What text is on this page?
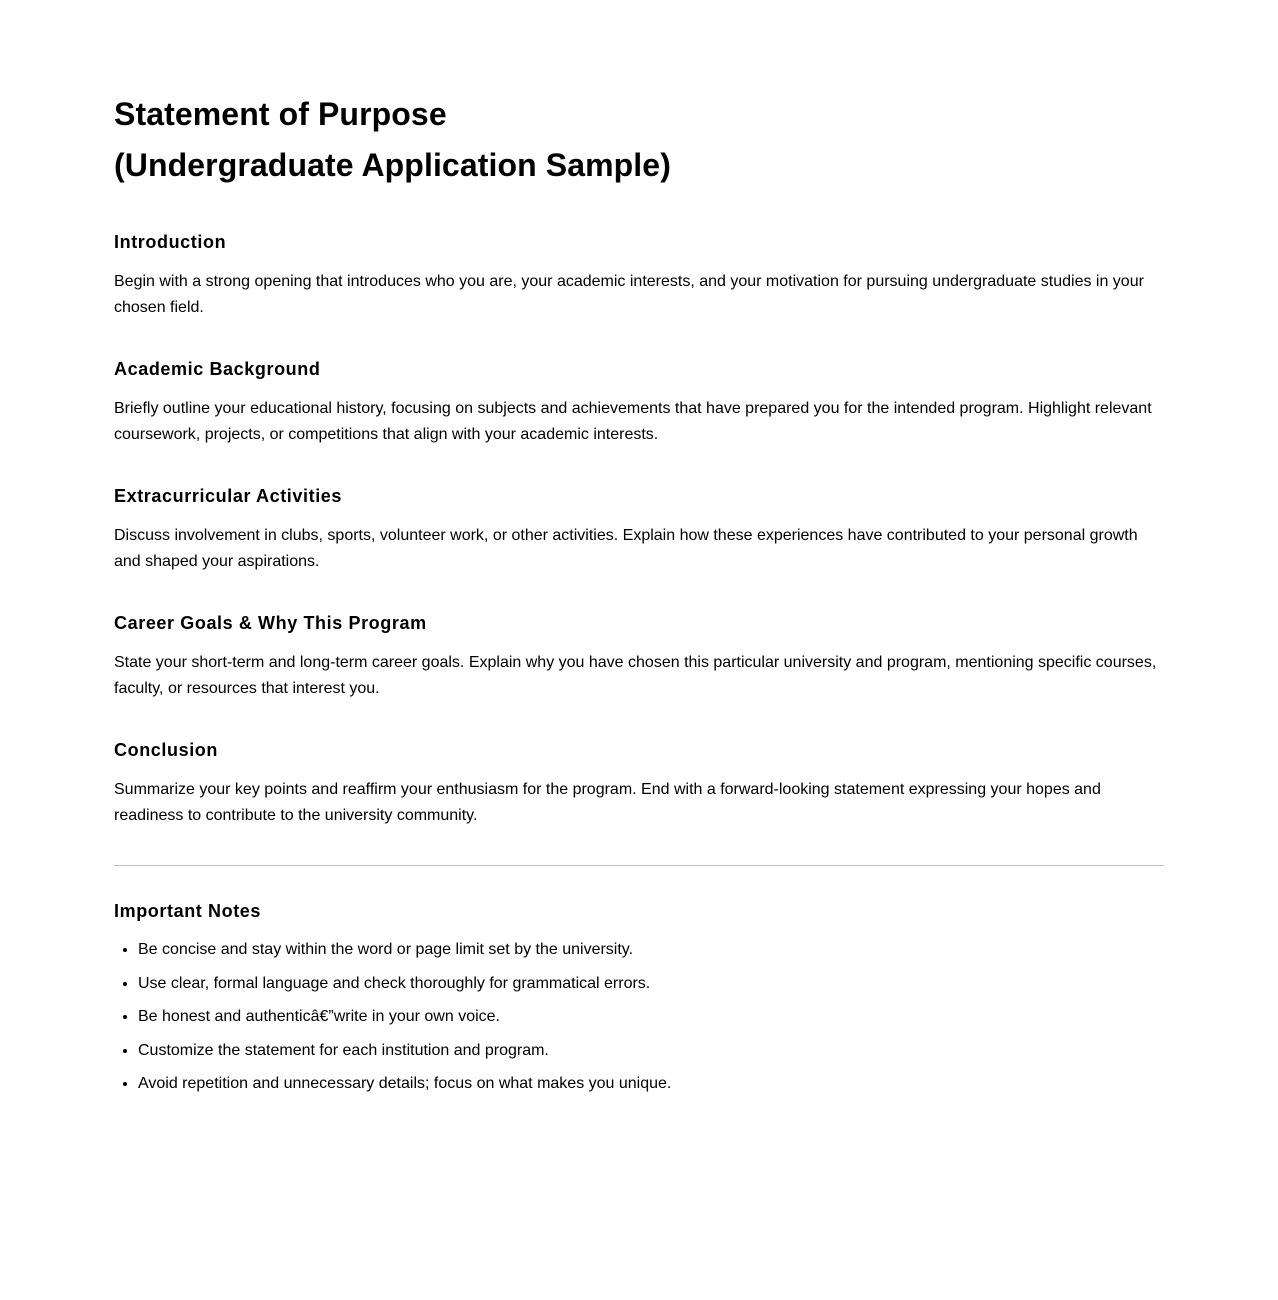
Statement of Purpose
(Undergraduate Application Sample)
Introduction

Begin with a strong opening that introduces who you are, your academic interests, and your motivation for pursuing undergraduate studies in your chosen field.

Academic Background

Briefly outline your educational history, focusing on subjects and achievements that have prepared you for the intended program. Highlight relevant coursework, projects, or competitions that align with your academic interests.

Extracurricular Activities

Discuss involvement in clubs, sports, volunteer work, or other activities. Explain how these experiences have contributed to your personal growth and shaped your aspirations.

Career Goals & Why This Program

State your short-term and long-term career goals. Explain why you have chosen this particular university and program, mentioning specific courses, faculty, or resources that interest you.

Conclusion

Summarize your key points and reaffirm your enthusiasm for the program. End with a forward-looking statement expressing your hopes and readiness to contribute to the university community.

Important Notes
• Be concise and stay within the word or page limit set by the university.
• Use clear, formal language and check thoroughly for grammatical errors.
• Be honest and authenticâ€”write in your own voice.
• Customize the statement for each institution and program.
• Avoid repetition and unnecessary details; focus on what makes you unique.
